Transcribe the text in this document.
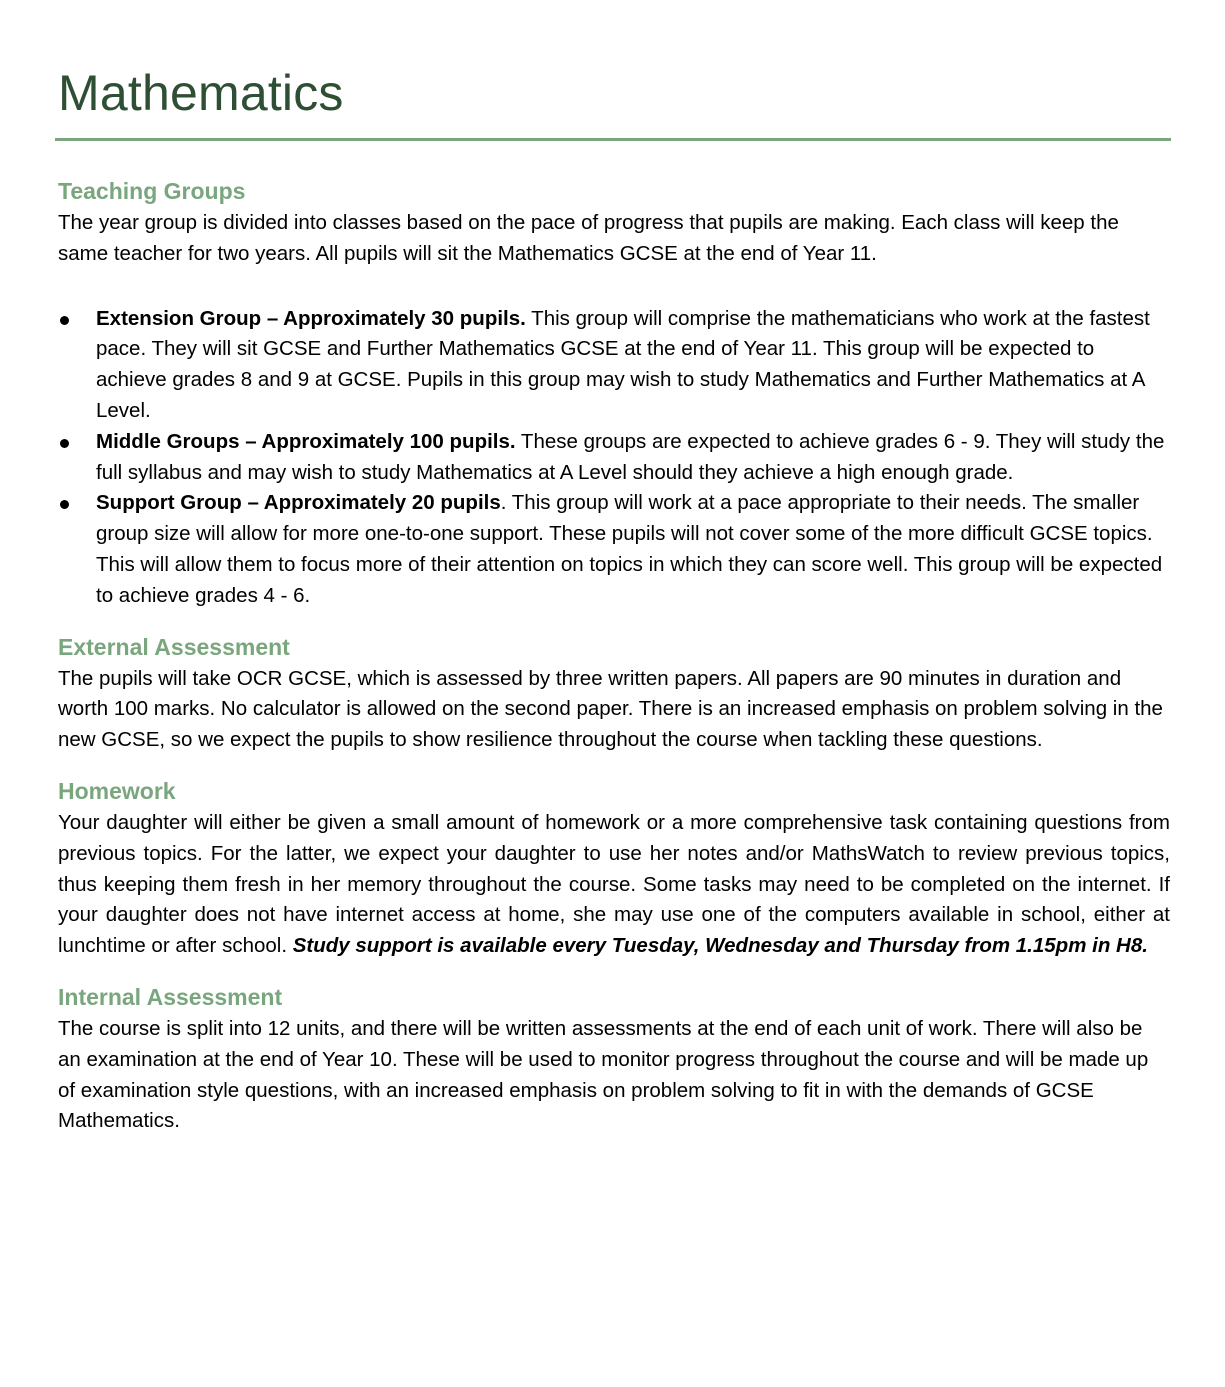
Mathematics
Teaching Groups

The year group is divided into classes based on the pace of progress that pupils are making. Each class will keep the same teacher for two years. All pupils will sit the Mathematics GCSE at the end of Year 11.

Extension Group – Approximately 30 pupils. This group will comprise the mathematicians who work at the fastest pace. They will sit GCSE and Further Mathematics GCSE at the end of Year 11. This group will be expected to achieve grades 8 and 9 at GCSE. Pupils in this group may wish to study Mathematics and Further Mathematics at A Level.
Middle Groups – Approximately 100 pupils. These groups are expected to achieve grades 6 - 9. They will study the full syllabus and may wish to study Mathematics at A Level should they achieve a high enough grade.
Support Group – Approximately 20 pupils. This group will work at a pace appropriate to their needs. The smaller group size will allow for more one-to-one support. These pupils will not cover some of the more difficult GCSE topics. This will allow them to focus more of their attention on topics in which they can score well. This group will be expected to achieve grades 4 - 6.
External Assessment

The pupils will take OCR GCSE, which is assessed by three written papers. All papers are 90 minutes in duration and worth 100 marks. No calculator is allowed on the second paper. There is an increased emphasis on problem solving in the new GCSE, so we expect the pupils to show resilience throughout the course when tackling these questions.

Homework

Your daughter will either be given a small amount of homework or a more comprehensive task containing questions from previous topics. For the latter, we expect your daughter to use her notes and/or MathsWatch to review previous topics, thus keeping them fresh in her memory throughout the course. Some tasks may need to be completed on the internet. If your daughter does not have internet access at home, she may use one of the computers available in school, either at lunchtime or after school. Study support is available every Tuesday, Wednesday and Thursday from 1.15pm in H8.

Internal Assessment

The course is split into 12 units, and there will be written assessments at the end of each unit of work. There will also be an examination at the end of Year 10. These will be used to monitor progress throughout the course and will be made up of examination style questions, with an increased emphasis on problem solving to fit in with the demands of GCSE Mathematics.
